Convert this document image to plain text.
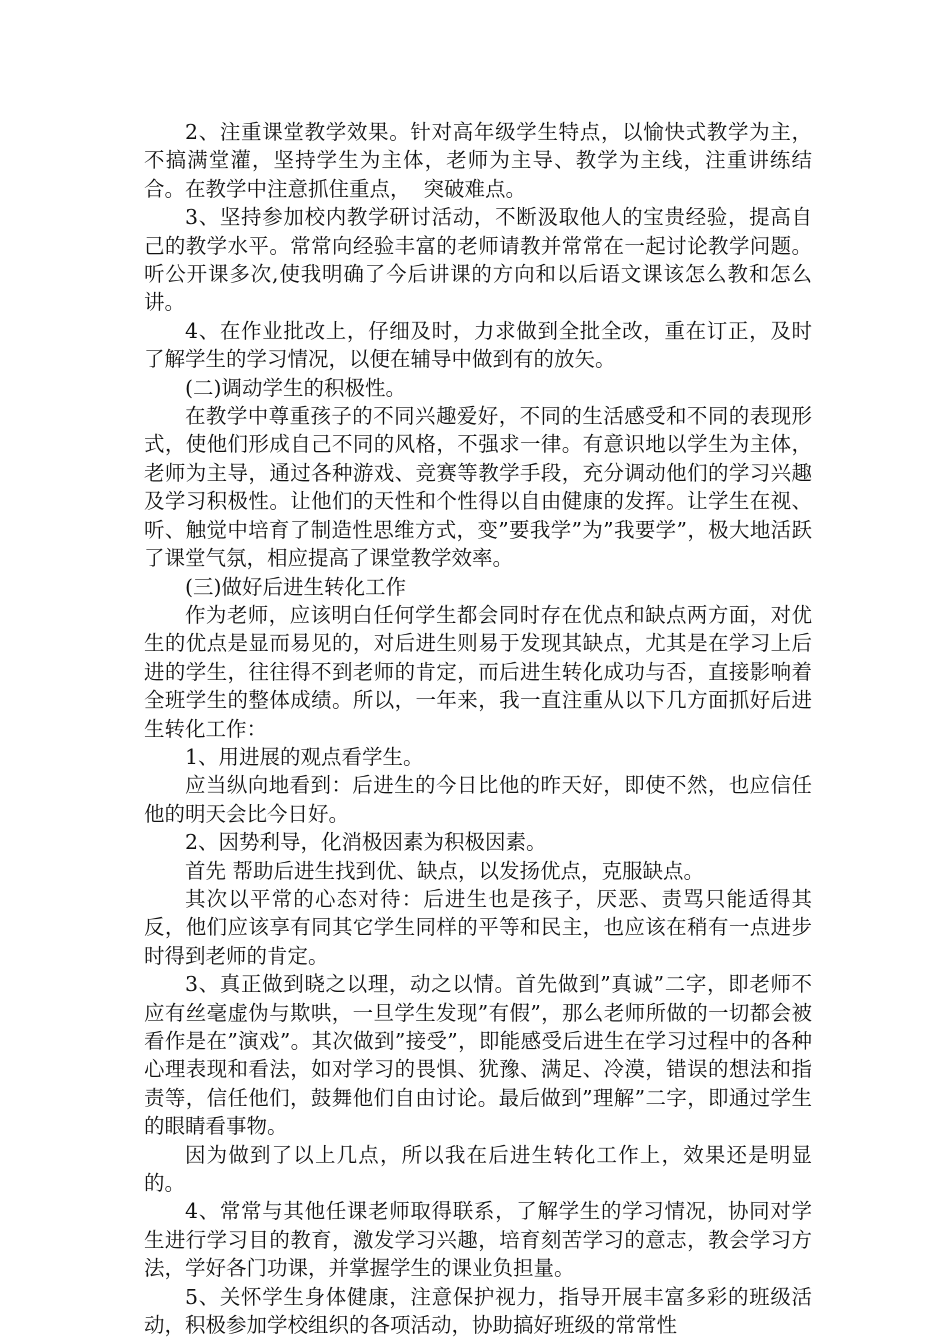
2、注重课堂教学效果。针对高年级学生特点，以愉快式教学为主，不搞满堂灌，坚持学生为主体，老师为主导、教学为主线，注重讲练结合。在教学中注意抓住重点，  突破难点。

3、坚持参加校内教学研讨活动，不断汲取他人的宝贵经验，提高自己的教学水平。常常向经验丰富的老师请教并常常在一起讨论教学问题。听公开课多次,使我明确了今后讲课的方向和以后语文课该怎么教和怎么讲。

4、在作业批改上，仔细及时，力求做到全批全改，重在订正，及时了解学生的学习情况，以便在辅导中做到有的放矢。

(二)调动学生的积极性。

在教学中尊重孩子的不同兴趣爱好，不同的生活感受和不同的表现形式，使他们形成自己不同的风格，不强求一律。有意识地以学生为主体，老师为主导，通过各种游戏、竞赛等教学手段，充分调动他们的学习兴趣及学习积极性。让他们的天性和个性得以自由健康的发挥。让学生在视、听、触觉中培育了制造性思维方式，变”要我学”为”我要学”，极大地活跃了课堂气氛，相应提高了课堂教学效率。

(三)做好后进生转化工作

作为老师，应该明白任何学生都会同时存在优点和缺点两方面，对优生的优点是显而易见的，对后进生则易于发现其缺点，尤其是在学习上后进的学生，往往得不到老师的肯定，而后进生转化成功与否，直接影响着全班学生的整体成绩。所以，一年来，我一直注重从以下几方面抓好后进生转化工作：

1、用进展的观点看学生。

应当纵向地看到：后进生的今日比他的昨天好，即使不然，也应信任他的明天会比今日好。

2、因势利导，化消极因素为积极因素。

首先 帮助后进生找到优、缺点，以发扬优点，克服缺点。

其次以平常的心态对待：后进生也是孩子，厌恶、责骂只能适得其反，他们应该享有同其它学生同样的平等和民主，也应该在稍有一点进步时得到老师的肯定。

3、真正做到晓之以理，动之以情。首先做到”真诚”二字，即老师不应有丝毫虚伪与欺哄，一旦学生发现”有假”，那么老师所做的一切都会被看作是在”演戏”。其次做到”接受”，即能感受后进生在学习过程中的各种心理表现和看法，如对学习的畏惧、犹豫、满足、冷漠，错误的想法和指责等，信任他们，鼓舞他们自由讨论。最后做到”理解”二字，即通过学生的眼睛看事物。

因为做到了以上几点，所以我在后进生转化工作上，效果还是明显的。

4、常常与其他任课老师取得联系，了解学生的学习情况，协同对学生进行学习目的教育，激发学习兴趣，培育刻苦学习的意志，教会学习方法，学好各门功课，并掌握学生的课业负担量。

5、关怀学生身体健康，注意保护视力，指导开展丰富多彩的班级活动，积极参加学校组织的各项活动，协助搞好班级的常常性
